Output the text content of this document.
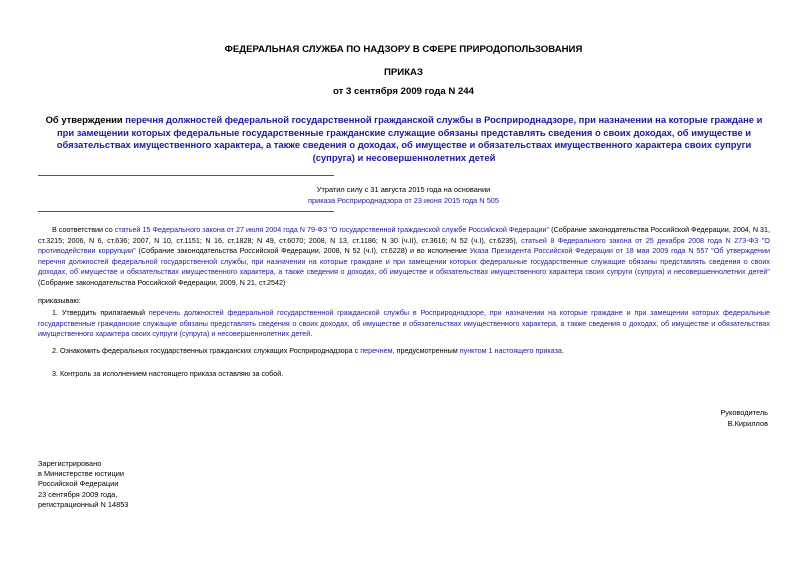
ФЕДЕРАЛЬНАЯ СЛУЖБА ПО НАДЗОРУ В СФЕРЕ ПРИРОДОПОЛЬЗОВАНИЯ
ПРИКАЗ
от 3 сентября 2009 года N 244
Об утверждении перечня должностей федеральной государственной гражданской службы в Росприроднадзоре, при назначении на которые граждане и при замещении которых федеральные государственные гражданские служащие обязаны представлять сведения о своих доходах, об имуществе и обязательствах имущественного характера, а также сведения о доходах, об имуществе и обязательствах имущественного характера своих супруги (супруга) и несовершеннолетних детей
Утратил силу с 31 августа 2015 года на основании
приказа Росприроднадзора от 23 июня 2015 года N 505
В соответствии со статьей 15 Федерального закона от 27 июля 2004 года N 79-ФЗ "О государственной гражданской службе Российской Федерации" (Собрание законодательства Российской Федерации, 2004, N 31, ст.3215; 2006, N 6, ст.636; 2007, N 10, ст.1151; N 16, ст.1828; N 49, ст.6070; 2008, N 13, ст.1186; N 30 (ч.II), ст.3616; N 52 (ч.I), ст.6235), статьей 8 Федерального закона от 25 декабря 2008 года N 273-ФЗ "О противодействии коррупции" (Собрание законодательства Российской Федерации, 2008, N 52 (ч.I), ст.6228) и во исполнение Указа Президента Российской Федерации от 18 мая 2009 года N 557 "Об утверждении перечня должностей федеральной государственной службы, при назначении на которые граждане и при замещении которых федеральные государственные служащие обязаны представлять сведения о своих доходах, об имуществе и обязательствах имущественного характера, а также сведения о доходах, об имуществе и обязательствах имущественного характера своих супруги (супруга) и несовершеннолетних детей" (Собрание законодательства Российской Федерации, 2009, N 21, ст.2542)
приказываю:
1. Утвердить прилагаемый перечень должностей федеральной государственной гражданской службы в Росприроднадзоре, при назначении на которые граждане и при замещении которых федеральные государственные гражданские служащие обязаны представлять сведения о своих доходах, об имуществе и обязательствах имущественного характера, а также сведения о доходах, об имуществе и обязательствах имущественного характера своих супруги (супруга) и несовершеннолетних детей.
2. Ознакомить федеральных государственных гражданских служащих Росприроднадзора с перечнем, предусмотренным пунктом 1 настоящего приказа.
3. Контроль за исполнением настоящего приказа оставляю за собой.
Руководитель
В.Кириллов
Зарегистрировано
в Министерстве юстиции
Российской Федерации
23 сентября 2009 года,
регистрационный N 14853
